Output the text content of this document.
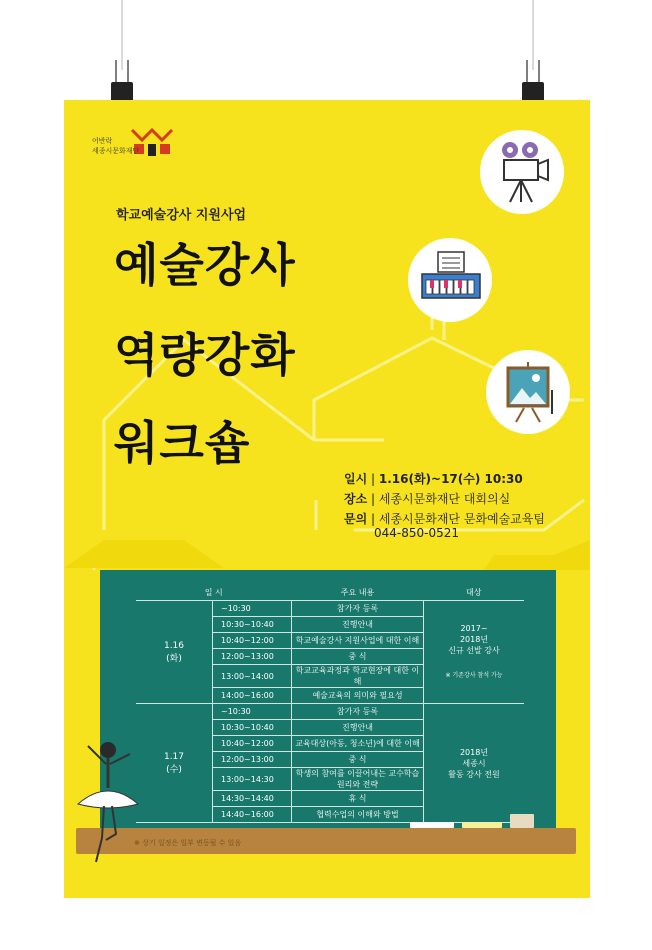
어반락
세종시문화재단
학교예술강사 지원사업
예술강사
역량강화
워크숍
일시 | 1.16(화)~17(수) 10:30
장소 | 세종시문화재단 대회의실
문의 | 세종시문화재단 문화예술교육팀
044-850-0521
일 시		주요 내용	대상
1.16
(화)	~10:30	참가자 등록	2017~
2018년
신규 선발 강사
※ 기존강사 참석 가능

	10:30~10:40	진행안내	
	10:40~12:00	학교예술강사 지원사업에 대한 이해	
	12:00~13:00	중 식	
	13:00~14:00	학교교육과정과 학교현장에 대한 이해	
	14:00~16:00	예술교육의 의미와 필요성	
1.17
(수)	~10:30	참가자 등록	2018년
세종시
활동 강사 전원
	10:30~10:40	진행안내	
	10:40~12:00	교육대상(아동, 청소년)에 대한 이해	
	12:00~13:00	중 식	
	13:00~14:30	학생의 참여를 이끌어내는 교수학습 원리와 전략	
	14:30~14:40	휴 식	
	14:40~16:00	협력수업의 이해와 방법	
※ 상기 일정은 일부 변동될 수 있음
